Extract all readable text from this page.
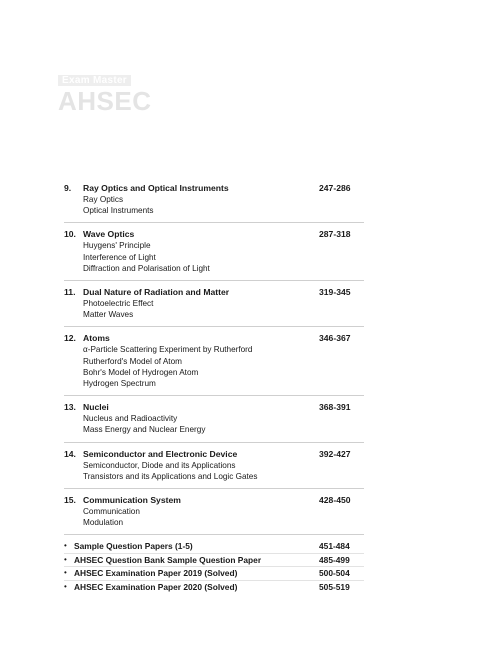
Exam Master
AHSEC
9. Ray Optics and Optical Instruments	247-286
Ray Optics
Optical Instruments
10. Wave Optics	287-318
Huygens' Principle
Interference of Light
Diffraction and Polarisation of Light
11. Dual Nature of Radiation and Matter	319-345
Photoelectric Effect
Matter Waves
12. Atoms	346-367
α-Particle Scattering Experiment by Rutherford
Rutherford's Model of Atom
Bohr's Model of Hydrogen Atom
Hydrogen Spectrum
13. Nuclei	368-391
Nucleus and Radioactivity
Mass Energy and Nuclear Energy
14. Semiconductor and Electronic Device	392-427
Semiconductor, Diode and its Applications
Transistors and its Applications and Logic Gates
15. Communication System	428-450
Communication
Modulation
• Sample Question Papers (1-5)	451-484
• AHSEC Question Bank Sample Question Paper	485-499
• AHSEC Examination Paper 2019 (Solved)	500-504
• AHSEC Examination Paper 2020 (Solved)	505-519
